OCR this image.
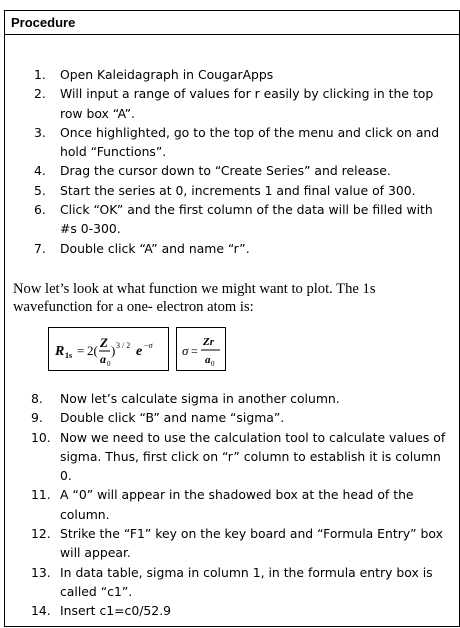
Procedure
1. Open Kaleidagraph in CougarApps
2. Will input a range of values for r easily by clicking in the top row box “A”.
3. Once highlighted, go to the top of the menu and click on and hold “Functions”.
4. Drag the cursor down to “Create Series” and release.
5. Start the series at 0, increments 1 and final value of 300.
6. Click “OK” and the first column of the data will be filled with #s 0-300.
7. Double click “A” and name “r”.
Now let’s look at what function we might want to plot. The 1s wavefunction for a one- electron atom is:
R 1s = 2(
Z
a 0
) 3 / 2 e −σ σ =
Zr
a 0
8. Now let’s calculate sigma in another column.
9. Double click “B” and name “sigma”.
10. Now we need to use the calculation tool to calculate values of sigma. Thus, first click on “r” column to establish it is column 0.
11. A “0” will appear in the shadowed box at the head of the column.
12. Strike the “F1” key on the key board and “Formula Entry” box will appear.
13. In data table, sigma in column 1, in the formula entry box is called “c1”.
14. Insert c1=c0/52.9
